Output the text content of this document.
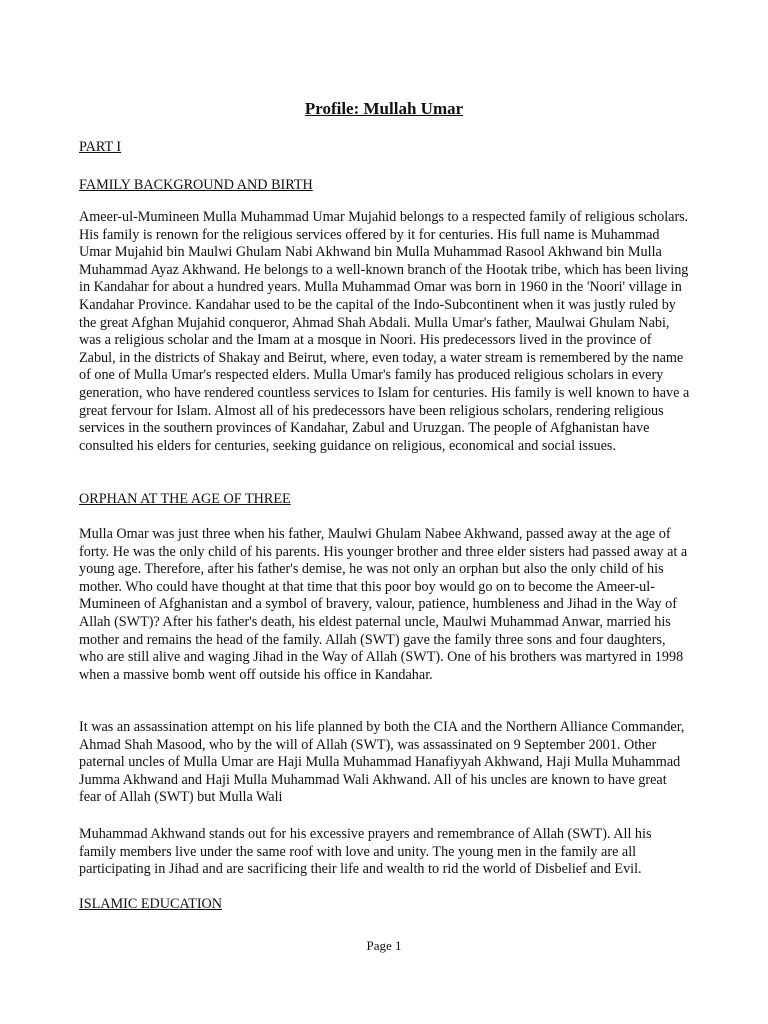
Profile: Mullah Umar
PART I
FAMILY BACKGROUND AND BIRTH
Ameer-ul-Mumineen Mulla Muhammad Umar Mujahid belongs to a respected family of religious scholars. His family is renown for the religious services offered by it for centuries. His full name is Muhammad Umar Mujahid bin Maulwi Ghulam Nabi Akhwand bin Mulla Muhammad Rasool Akhwand bin Mulla Muhammad Ayaz Akhwand. He belongs to a well-known branch of the Hootak tribe, which has been living in Kandahar for about a hundred years. Mulla Muhammad Omar was born in 1960 in the 'Noori' village in Kandahar Province. Kandahar used to be the capital of the Indo-Subcontinent when it was justly ruled by the great Afghan Mujahid conqueror, Ahmad Shah Abdali. Mulla Umar's father, Maulwai Ghulam Nabi, was a religious scholar and the Imam at a mosque in Noori. His predecessors lived in the province of Zabul, in the districts of Shakay and Beirut, where, even today, a water stream is remembered by the name of one of Mulla Umar's respected elders. Mulla Umar's family has produced religious scholars in every generation, who have rendered countless services to Islam for centuries. His family is well known to have a great fervour for Islam. Almost all of his predecessors have been religious scholars, rendering religious services in the southern provinces of Kandahar, Zabul and Uruzgan. The people of Afghanistan have consulted his elders for centuries, seeking guidance on religious, economical and social issues.
ORPHAN AT THE AGE OF THREE
Mulla Omar was just three when his father, Maulwi Ghulam Nabee Akhwand, passed away at the age of forty. He was the only child of his parents. His younger brother and three elder sisters had passed away at a young age. Therefore, after his father's demise, he was not only an orphan but also the only child of his mother. Who could have thought at that time that this poor boy would go on to become the Ameer-ul-Mumineen of Afghanistan and a symbol of bravery, valour, patience, humbleness and Jihad in the Way of Allah (SWT)? After his father's death, his eldest paternal uncle, Maulwi Muhammad Anwar, married his mother and remains the head of the family. Allah (SWT) gave the family three sons and four daughters, who are still alive and waging Jihad in the Way of Allah (SWT). One of his brothers was martyred in 1998 when a massive bomb went off outside his office in Kandahar.
It was an assassination attempt on his life planned by both the CIA and the Northern Alliance Commander, Ahmad Shah Masood, who by the will of Allah (SWT), was assassinated on 9 September 2001. Other paternal uncles of Mulla Umar are Haji Mulla Muhammad Hanafiyyah Akhwand, Haji Mulla Muhammad Jumma Akhwand and Haji Mulla Muhammad Wali Akhwand. All of his uncles are known to have great fear of Allah (SWT) but Mulla Wali
Muhammad Akhwand stands out for his excessive prayers and remembrance of Allah (SWT). All his family members live under the same roof with love and unity. The young men in the family are all participating in Jihad and are sacrificing their life and wealth to rid the world of Disbelief and Evil.
ISLAMIC EDUCATION
Page 1
